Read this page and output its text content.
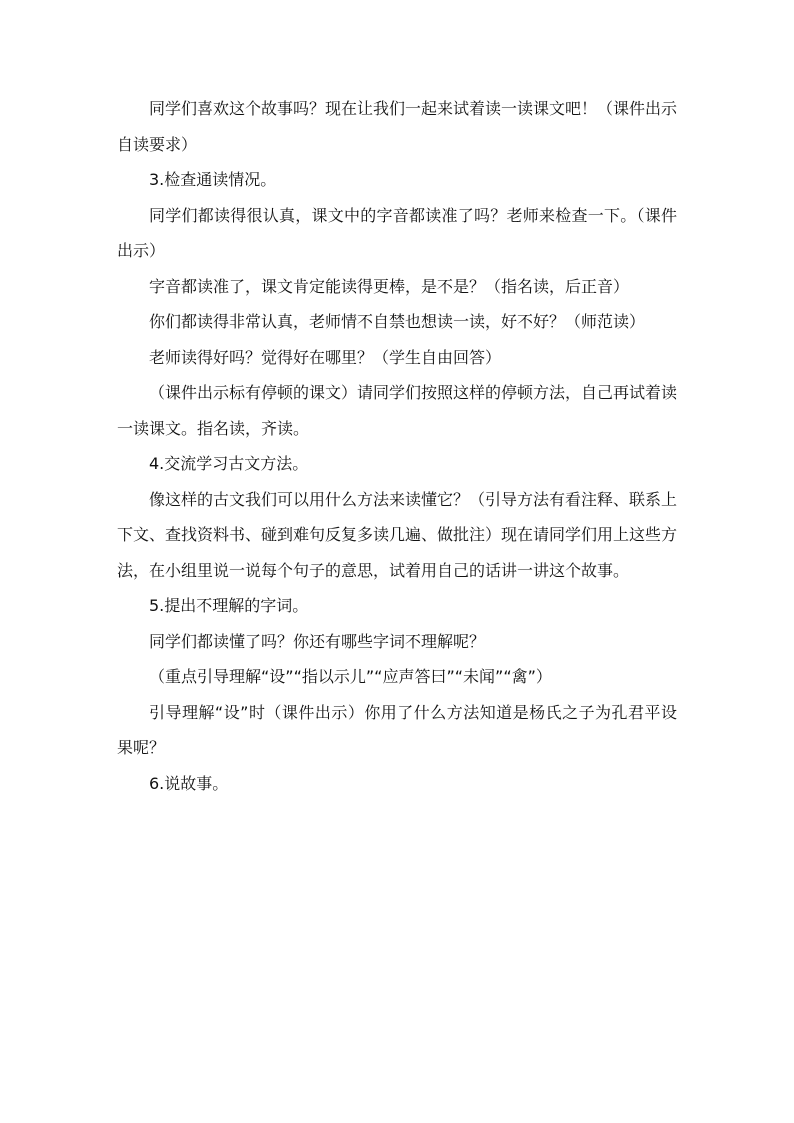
同学们喜欢这个故事吗？现在让我们一起来试着读一读课文吧！（课件出示自读要求）

3.检查通读情况。

同学们都读得很认真，课文中的字音都读准了吗？老师来检查一下。（课件出示）

字音都读准了，课文肯定能读得更棒，是不是？（指名读，后正音）

你们都读得非常认真，老师情不自禁也想读一读，好不好？（师范读）

老师读得好吗？觉得好在哪里？（学生自由回答）

（课件出示标有停顿的课文）请同学们按照这样的停顿方法，自己再试着读一读课文。指名读，齐读。

4.交流学习古文方法。

像这样的古文我们可以用什么方法来读懂它？（引导方法有看注释、联系上下文、查找资料书、碰到难句反复多读几遍、做批注）现在请同学们用上这些方法，在小组里说一说每个句子的意思，试着用自己的话讲一讲这个故事。

5.提出不理解的字词。

同学们都读懂了吗？你还有哪些字词不理解呢？

（重点引导理解“设”“指以示儿”“应声答曰”“未闻”“禽”）

引导理解“设”时（课件出示）你用了什么方法知道是杨氏之子为孔君平设果呢？

6.说故事。
